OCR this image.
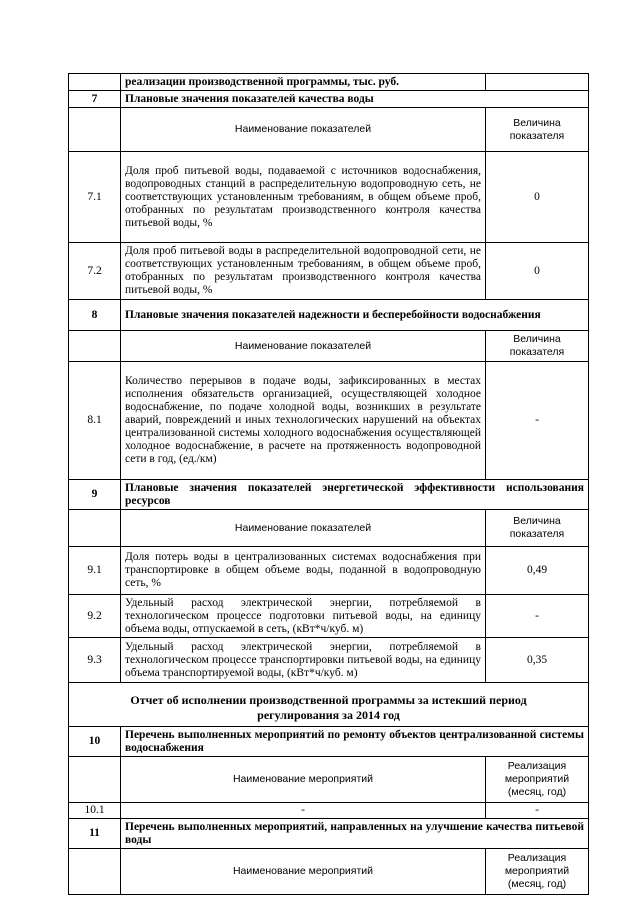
	реализации производственной программы, тыс. руб.	
7	Плановые значения показателей качества воды	
	Наименование показателей	Величина показателя
7.1	Доля проб питьевой воды, подаваемой с источников водоснабжения, водопроводных станций в распределительную водопроводную сеть, не соответствующих установленным требованиям, в общем объеме проб, отобранных по результатам производственного контроля качества питьевой воды, %	0
7.2	Доля проб питьевой воды в распределительной водопроводной сети, не соответствующих установленным требованиям, в общем объеме проб, отобранных по результатам производственного контроля качества питьевой воды, %	0
8	Плановые значения показателей надежности и бесперебойности водоснабжения	
	Наименование показателей	Величина показателя
8.1	Количество перерывов в подаче воды, зафиксированных в местах исполнения обязательств организацией, осуществляющей холодное водоснабжение, по подаче холодной воды, возникших в результате аварий, повреждений и иных технологических нарушений на объектах централизованной системы холодного водоснабжения осуществляющей холодное водоснабжение, в расчете на протяженность водопроводной сети в год, (ед./км)	-
9	Плановые значения показателей энергетической эффективности использования ресурсов	
	Наименование показателей	Величина показателя
9.1	Доля потерь воды в централизованных системах водоснабжения при транспортировке в общем объеме воды, поданной в водопроводную сеть, %	0,49
9.2	Удельный расход электрической энергии, потребляемой в технологическом процессе подготовки питьевой воды, на единицу объема воды, отпускаемой в сеть, (кВт*ч/куб. м)	-
9.3	Удельный расход электрической энергии, потребляемой в технологическом процессе транспортировки питьевой воды, на единицу объема транспортируемой воды, (кВт*ч/куб. м)	0,35
Отчет об исполнении производственной программы за истекший период регулирования за 2014 год		
10	Перечень выполненных мероприятий по ремонту объектов централизованной системы водоснабжения	
	Наименование мероприятий	Реализация мероприятий (месяц, год)
10.1	-	-
11	Перечень выполненных мероприятий, направленных на улучшение качества питьевой воды	
	Наименование мероприятий	Реализация мероприятий (месяц, год)
